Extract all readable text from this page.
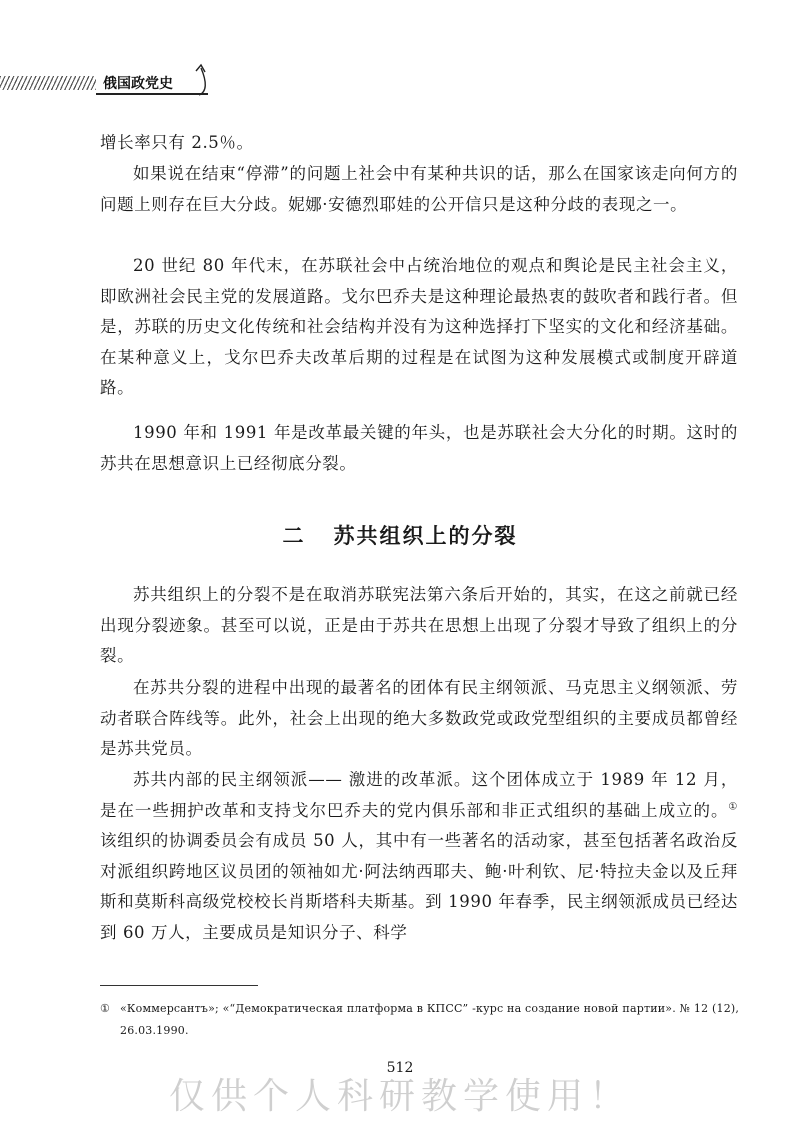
俄国政党史

增长率只有 2.5％。

如果说在结束“停滞”的问题上社会中有某种共识的话，那么在国家该走向何方的问题上则存在巨大分歧。妮娜·安德烈耶娃的公开信只是这种分歧的表现之一。

20 世纪 80 年代末，在苏联社会中占统治地位的观点和舆论是民主社会主义，即欧洲社会民主党的发展道路。戈尔巴乔夫是这种理论最热衷的鼓吹者和践行者。但是，苏联的历史文化传统和社会结构并没有为这种选择打下坚实的文化和经济基础。在某种意义上，戈尔巴乔夫改革后期的过程是在试图为这种发展模式或制度开辟道路。

1990 年和 1991 年是改革最关键的年头，也是苏联社会大分化的时期。这时的苏共在思想意识上已经彻底分裂。

二 苏共组织上的分裂

苏共组织上的分裂不是在取消苏联宪法第六条后开始的，其实，在这之前就已经出现分裂迹象。甚至可以说，正是由于苏共在思想上出现了分裂才导致了组织上的分裂。

在苏共分裂的进程中出现的最著名的团体有民主纲领派、马克思主义纲领派、劳动者联合阵线等。此外，社会上出现的绝大多数政党或政党型组织的主要成员都曾经是苏共党员。

苏共内部的民主纲领派—— 激进的改革派。这个团体成立于 1989 年 12 月，是在一些拥护改革和支持戈尔巴乔夫的党内俱乐部和非正式组织的基础上成立的。① 该组织的协调委员会有成员 50 人，其中有一些著名的活动家，甚至包括著名政治反对派组织跨地区议员团的领袖如尤·阿法纳西耶夫、鲍·叶利钦、尼·特拉夫金以及丘拜斯和莫斯科高级党校校长肖斯塔科夫斯基。到 1990 年春季，民主纲领派成员已经达到 60 万人，主要成员是知识分子、科学

① «Коммерсантъ»; «“Демократическая платформа в КПСС” -курс на создание новой партии». № 12 (12), 26.03.1990.

512
仅供个人科研教学使用！
